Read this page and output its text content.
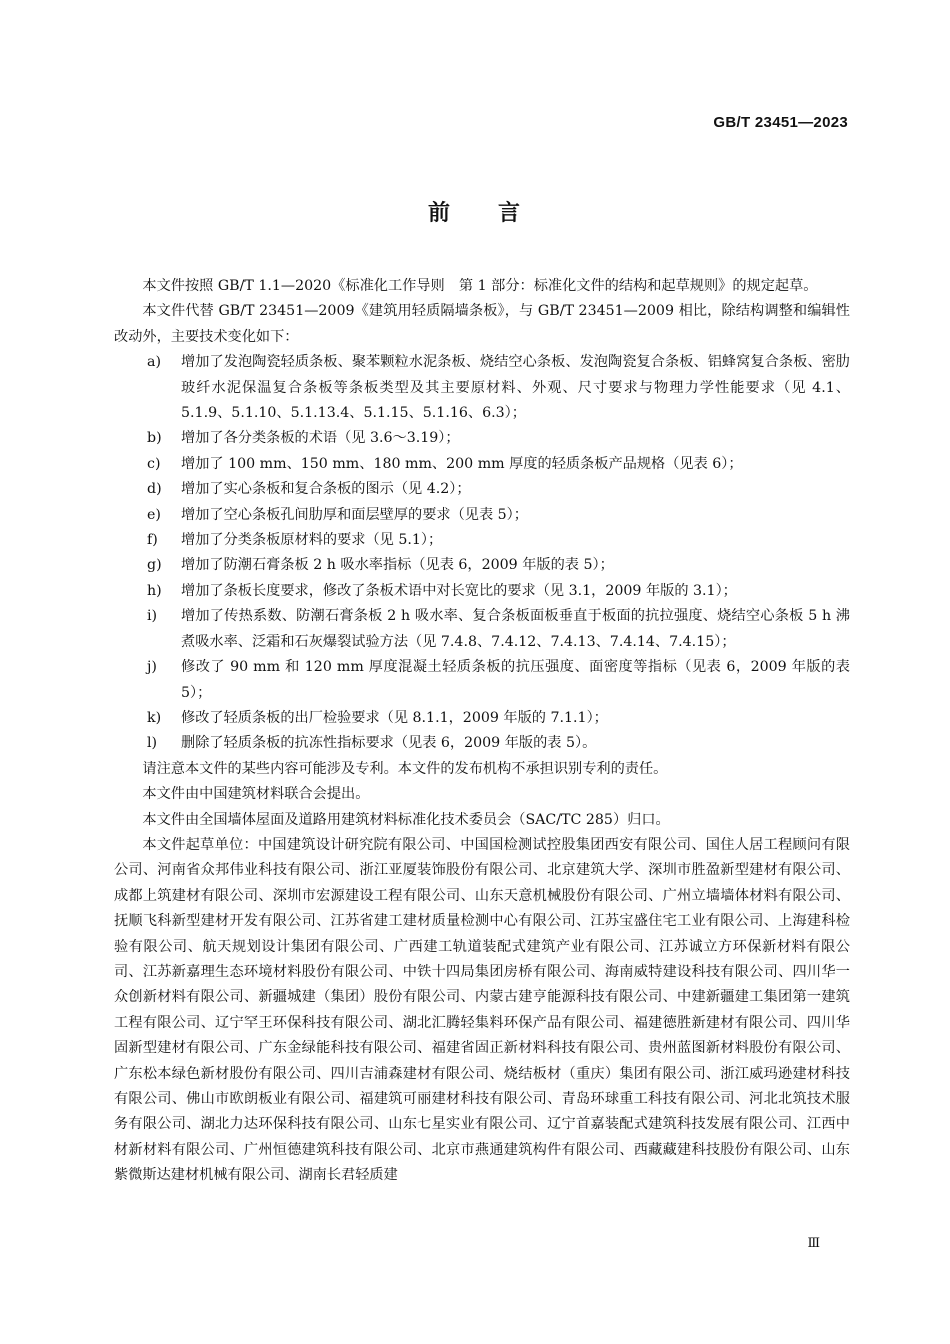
GB/T 23451—2023
前 言

本文件按照 GB/T 1.1—2020《标准化工作导则　第 1 部分：标准化文件的结构和起草规则》的规定起草。

本文件代替 GB/T 23451—2009《建筑用轻质隔墙条板》，与 GB/T 23451—2009 相比，除结构调整和编辑性改动外，主要技术变化如下：

a) 增加了发泡陶瓷轻质条板、聚苯颗粒水泥条板、烧结空心条板、发泡陶瓷复合条板、铝蜂窝复合条板、密肋玻纤水泥保温复合条板等条板类型及其主要原材料、外观、尺寸要求与物理力学性能要求（见 4.1、5.1.9、5.1.10、5.1.13.4、5.1.15、5.1.16、6.3）；
b) 增加了各分类条板的术语（见 3.6～3.19）；
c) 增加了 100 mm、150 mm、180 mm、200 mm 厚度的轻质条板产品规格（见表 6）；
d) 增加了实心条板和复合条板的图示（见 4.2）；
e) 增加了空心条板孔间肋厚和面层壁厚的要求（见表 5）；
f) 增加了分类条板原材料的要求（见 5.1）；
g) 增加了防潮石膏条板 2 h 吸水率指标（见表 6，2009 年版的表 5）；
h) 增加了条板长度要求，修改了条板术语中对长宽比的要求（见 3.1，2009 年版的 3.1）；
i) 增加了传热系数、防潮石膏条板 2 h 吸水率、复合条板面板垂直于板面的抗拉强度、烧结空心条板 5 h 沸煮吸水率、泛霜和石灰爆裂试验方法（见 7.4.8、7.4.12、7.4.13、7.4.14、7.4.15）；
j) 修改了 90 mm 和 120 mm 厚度混凝土轻质条板的抗压强度、面密度等指标（见表 6，2009 年版的表 5）；
k) 修改了轻质条板的出厂检验要求（见 8.1.1，2009 年版的 7.1.1）；
l) 删除了轻质条板的抗冻性指标要求（见表 6，2009 年版的表 5）。

请注意本文件的某些内容可能涉及专利。本文件的发布机构不承担识别专利的责任。

本文件由中国建筑材料联合会提出。

本文件由全国墙体屋面及道路用建筑材料标准化技术委员会（SAC/TC 285）归口。

本文件起草单位：中国建筑设计研究院有限公司、中国国检测试控股集团西安有限公司、国住人居工程顾问有限公司、河南省众邦伟业科技有限公司、浙江亚厦装饰股份有限公司、北京建筑大学、深圳市胜盈新型建材有限公司、成都上筑建材有限公司、深圳市宏源建设工程有限公司、山东天意机械股份有限公司、广州立墙墙体材料有限公司、抚顺飞科新型建材开发有限公司、江苏省建工建材质量检测中心有限公司、江苏宝盛住宅工业有限公司、上海建科检验有限公司、航天规划设计集团有限公司、广西建工轨道装配式建筑产业有限公司、江苏诚立方环保新材料有限公司、江苏新嘉理生态环境材料股份有限公司、中铁十四局集团房桥有限公司、海南威特建设科技有限公司、四川华一众创新材料有限公司、新疆城建（集团）股份有限公司、内蒙古建亨能源科技有限公司、中建新疆建工集团第一建筑工程有限公司、辽宁罕王环保科技有限公司、湖北汇腾轻集料环保产品有限公司、福建德胜新建材有限公司、四川华固新型建材有限公司、广东金绿能科技有限公司、福建省固正新材料科技有限公司、贵州蓝图新材料股份有限公司、广东松本绿色新材股份有限公司、四川吉浦森建材有限公司、烧结板材（重庆）集团有限公司、浙江威玛逊建材科技有限公司、佛山市欧朗板业有限公司、福建筑可丽建材科技有限公司、青岛环球重工科技有限公司、河北北筑技术服务有限公司、湖北力达环保科技有限公司、山东七星实业有限公司、辽宁首嘉装配式建筑科技发展有限公司、江西中材新材料有限公司、广州恒德建筑科技有限公司、北京市燕通建筑构件有限公司、西藏藏建科技股份有限公司、山东紫微斯达建材机械有限公司、湖南长君轻质建

Ⅲ
